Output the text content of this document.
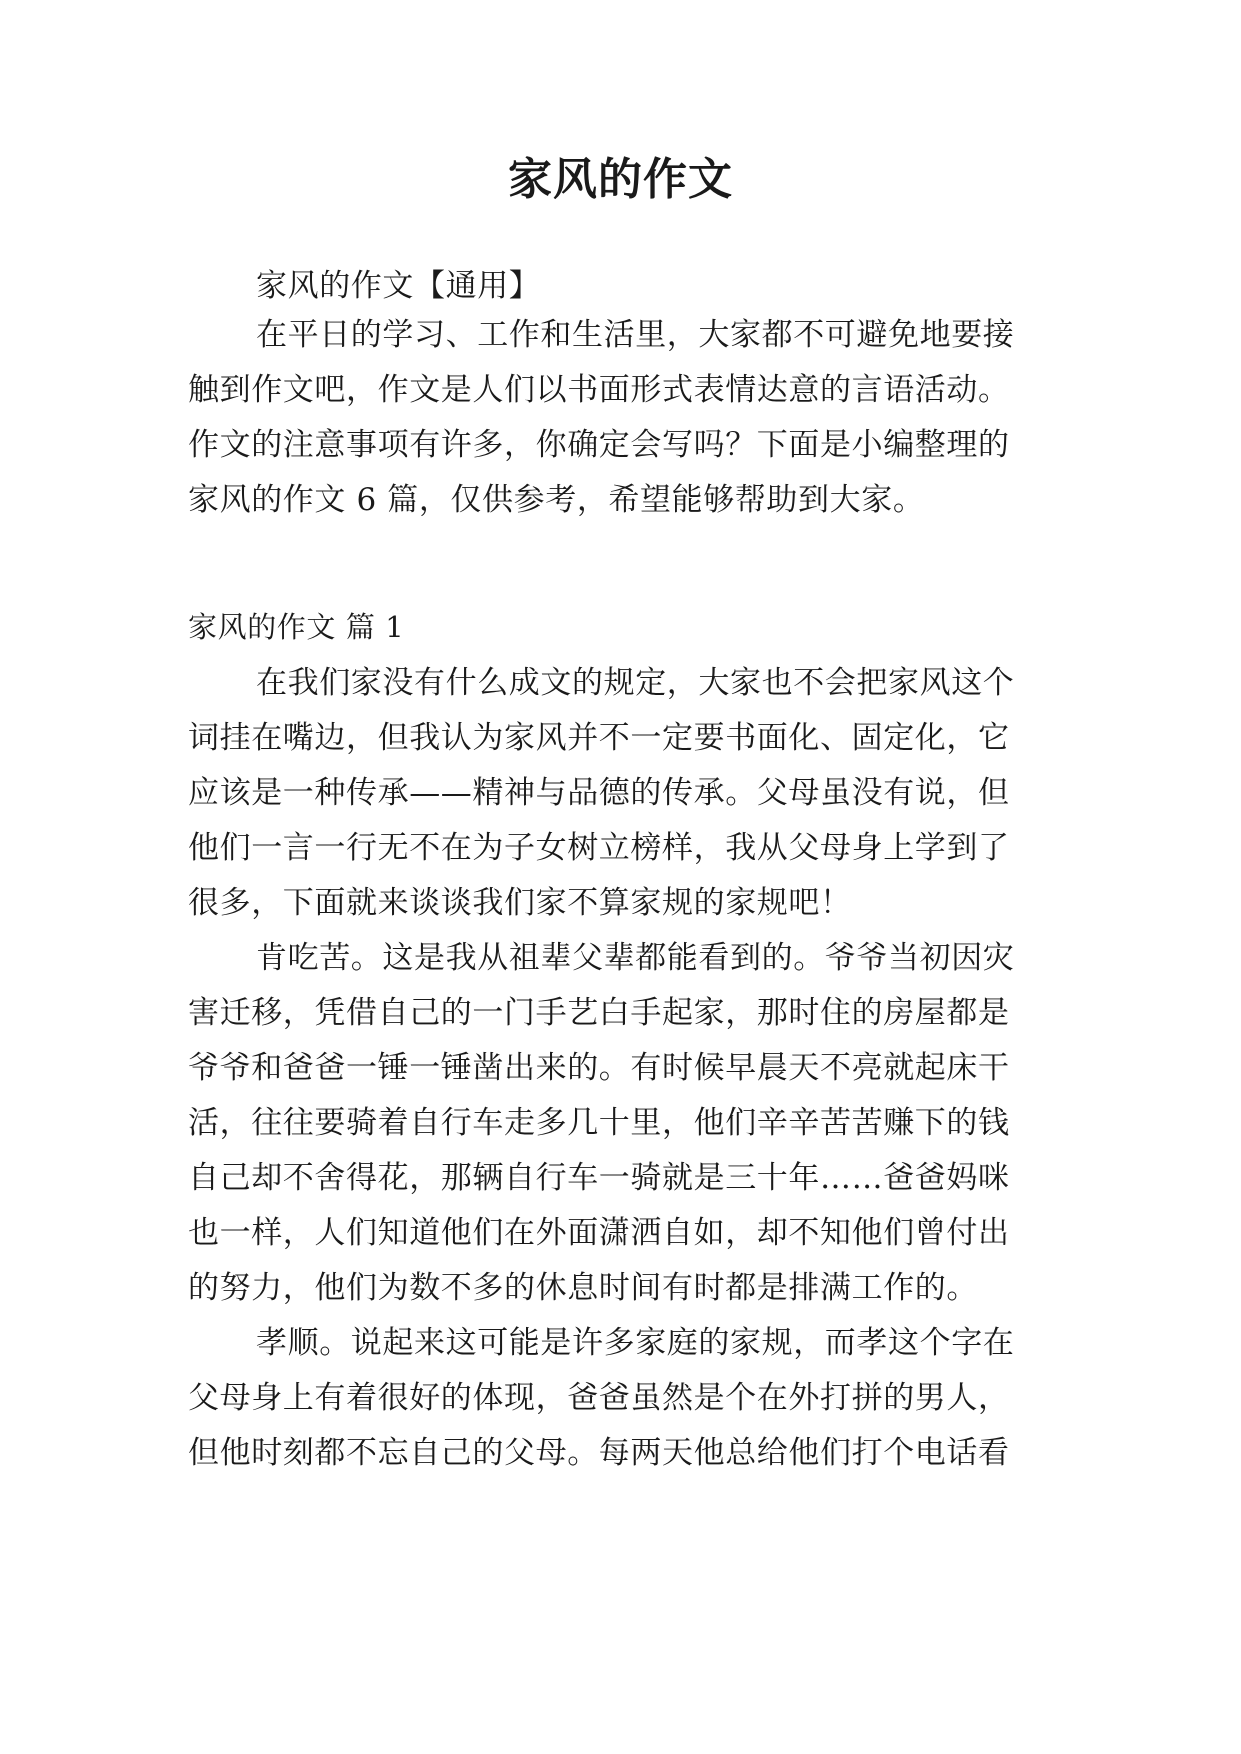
家风的作文
家风的作文【通用】
在平日的学习、工作和生活里，大家都不可避免地要接
触到作文吧，作文是人们以书面形式表情达意的言语活动。
作文的注意事项有许多，你确定会写吗？下面是小编整理的
家风的作文 6 篇，仅供参考，希望能够帮助到大家。
家风的作文 篇 1
在我们家没有什么成文的规定，大家也不会把家风这个
词挂在嘴边，但我认为家风并不一定要书面化、固定化，它
应该是一种传承——精神与品德的传承。父母虽没有说，但
他们一言一行无不在为子女树立榜样，我从父母身上学到了
很多，下面就来谈谈我们家不算家规的家规吧！
肯吃苦。这是我从祖辈父辈都能看到的。爷爷当初因灾
害迁移，凭借自己的一门手艺白手起家，那时住的房屋都是
爷爷和爸爸一锤一锤凿出来的。有时候早晨天不亮就起床干
活，往往要骑着自行车走多几十里，他们辛辛苦苦赚下的钱
自己却不舍得花，那辆自行车一骑就是三十年……爸爸妈咪
也一样，人们知道他们在外面潇洒自如，却不知他们曾付出
的努力，他们为数不多的休息时间有时都是排满工作的。
孝顺。说起来这可能是许多家庭的家规，而孝这个字在
父母身上有着很好的体现，爸爸虽然是个在外打拼的男人，
但他时刻都不忘自己的父母。每两天他总给他们打个电话看
